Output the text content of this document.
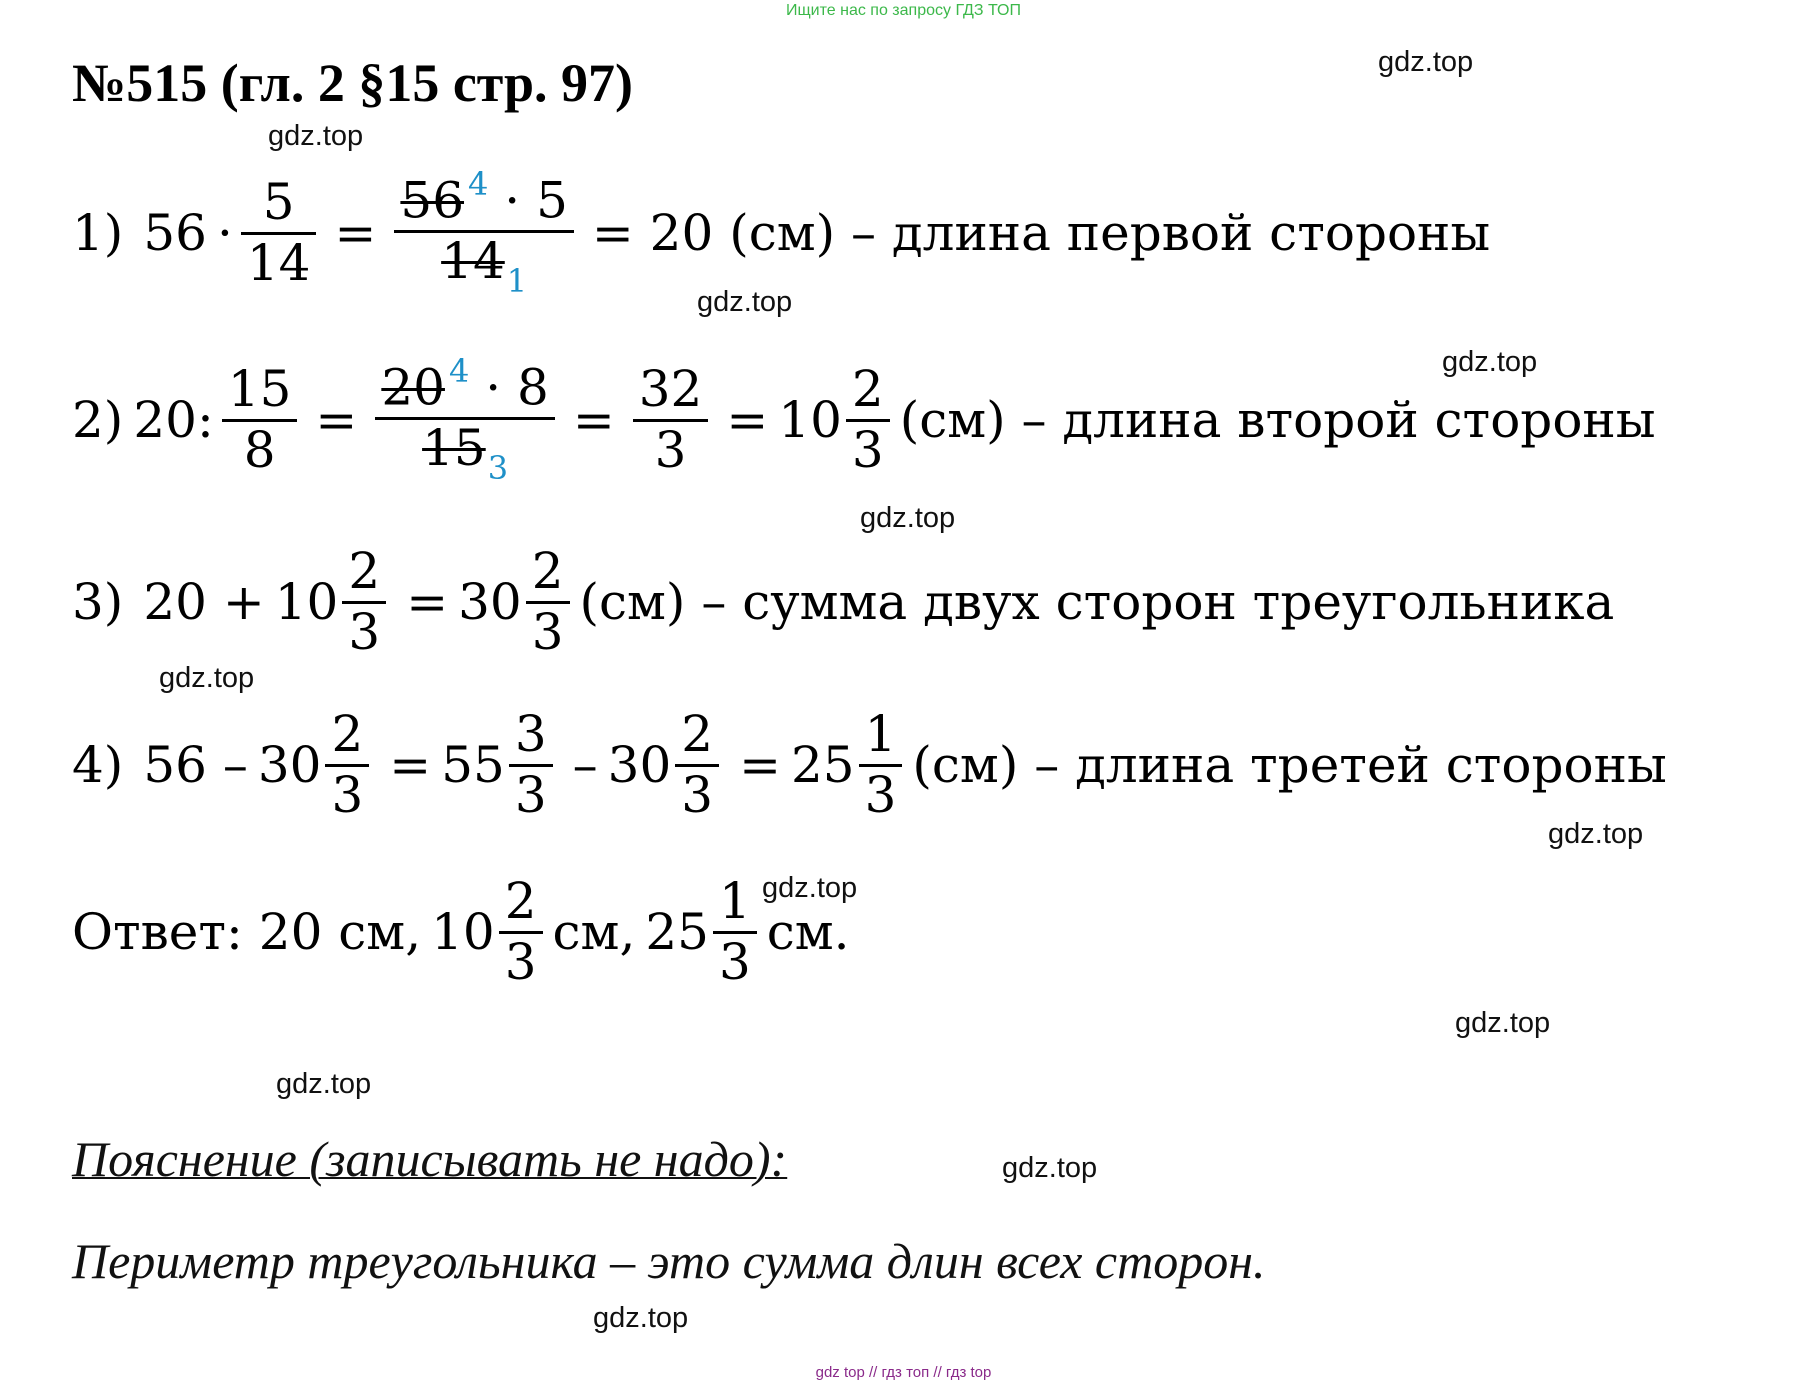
Ищите нас по запросу ГДЗ ТОП
№515 (гл. 2 §15 стр. 97)
1) $56 \cdot \frac{5}{14} = \frac{56 ^4 \cdot 5}{14_1} = 20$ (см) – длина первой стороны
2) 20: $\frac{15}{8} = \frac{20 ^4 \cdot 8}{15_3} = \frac{32}{3} = 10 \frac{2}{3} (см)$ – длина второй стороны
3) $20 + 10 \frac{2}{3} = 30 \frac{2}{3} (см)$ – сумма двух сторон треугольника
4) $56 - 30 \frac{2}{3} = 55 \frac{3}{3} - 30 \frac{2}{3} = 25 \frac{1}{3} (см)$ – длина третей стороны
Ответ: 20 см, $10 \frac{2}{3}$ см, $25 \frac{1}{3}$ см.
Пояснение (записывать не надо):
Периметр треугольника – это сумма длин всех сторон.
gdz.top
gdz.top
gdz.top
gdz.top
gdz.top
gdz.top
gdz.top
gdz.top
gdz.top
gdz.top
gdz.top
gdz.top
gdz top // гдз топ // гдз top
